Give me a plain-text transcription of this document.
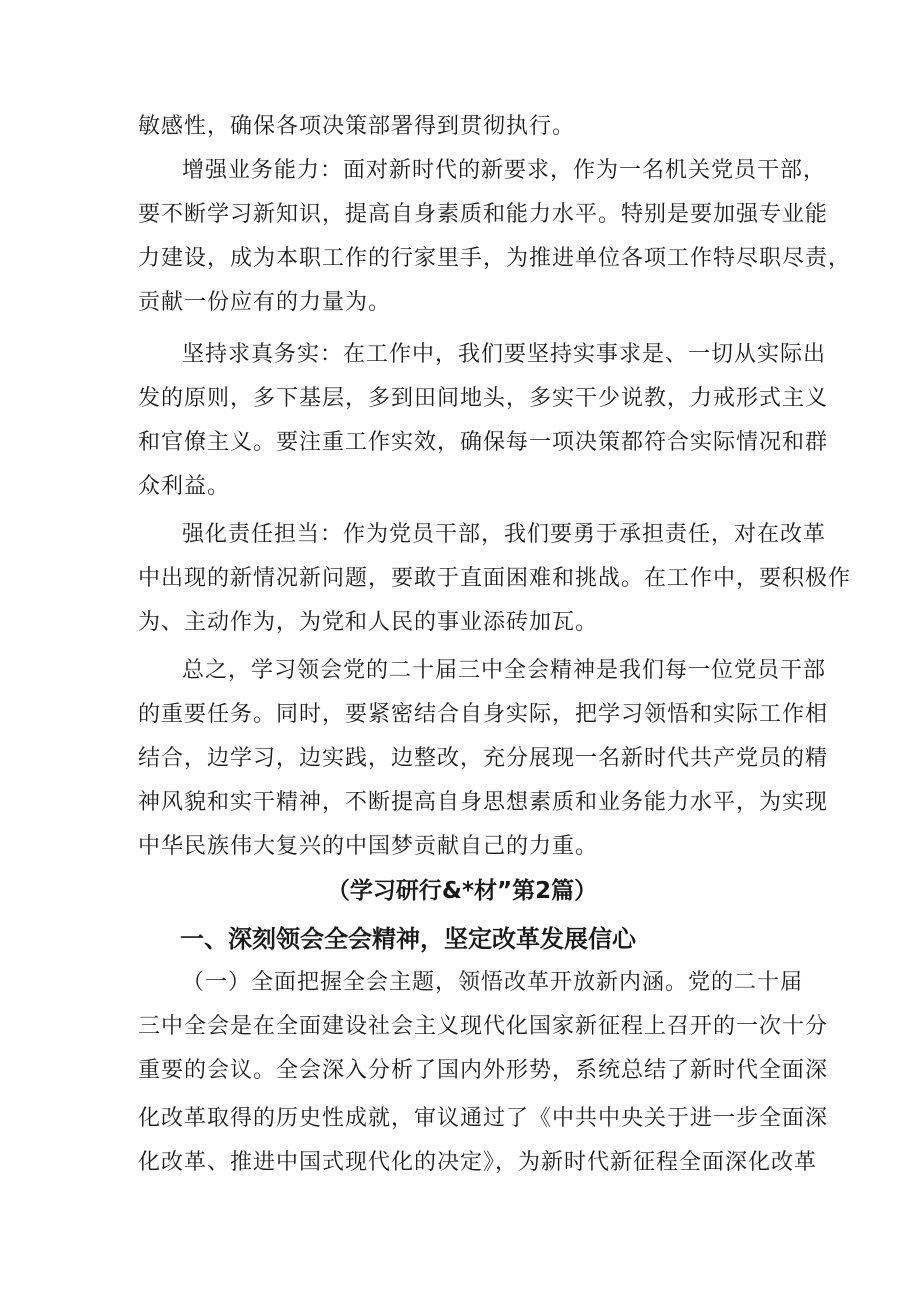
敏感性，确保各项决策部署得到贯彻执行。
增强业务能力：面对新时代的新要求，作为一名机关党员干部，
要不断学习新知识，提高自身素质和能力水平。特别是要加强专业能
力建设，成为本职工作的行家里手，为推进单位各项工作特尽职尽责，
贡献一份应有的力量为。
坚持求真务实：在工作中，我们要坚持实事求是、一切从实际出
发的原则，多下基层，多到田间地头，多实干少说教，力戒形式主义
和官僚主义。要注重工作实效，确保每一项决策都符合实际情况和群
众利益。
强化责任担当：作为党员干部，我们要勇于承担责任，对在改革
中出现的新情况新问题，要敢于直面困难和挑战。在工作中，要积极作
为、主动作为，为党和人民的事业添砖加瓦。
总之，学习领会党的二十届三中全会精神是我们每一位党员干部
的重要任务。同时，要紧密结合自身实际，把学习领悟和实际工作相
结合，边学习，边实践，边整改，充分展现一名新时代共产党员的精
神风貌和实干精神，不断提高自身思想素质和业务能力水平，为实现
中华民族伟大复兴的中国梦贡献自己的力重。
（学习研行&*材”第2篇）
一、深刻领会全会精神，坚定改革发展信心
（一）全面把握全会主题，领悟改革开放新内涵。党的二十届
三中全会是在全面建设社会主义现代化国家新征程上召开的一次十分
重要的会议。全会深入分析了国内外形势，系统总结了新时代全面深
化改革取得的历史性成就，审议通过了《中共中央关于进一步全面深
化改革、推进中国式现代化的决定》，为新时代新征程全面深化改革
